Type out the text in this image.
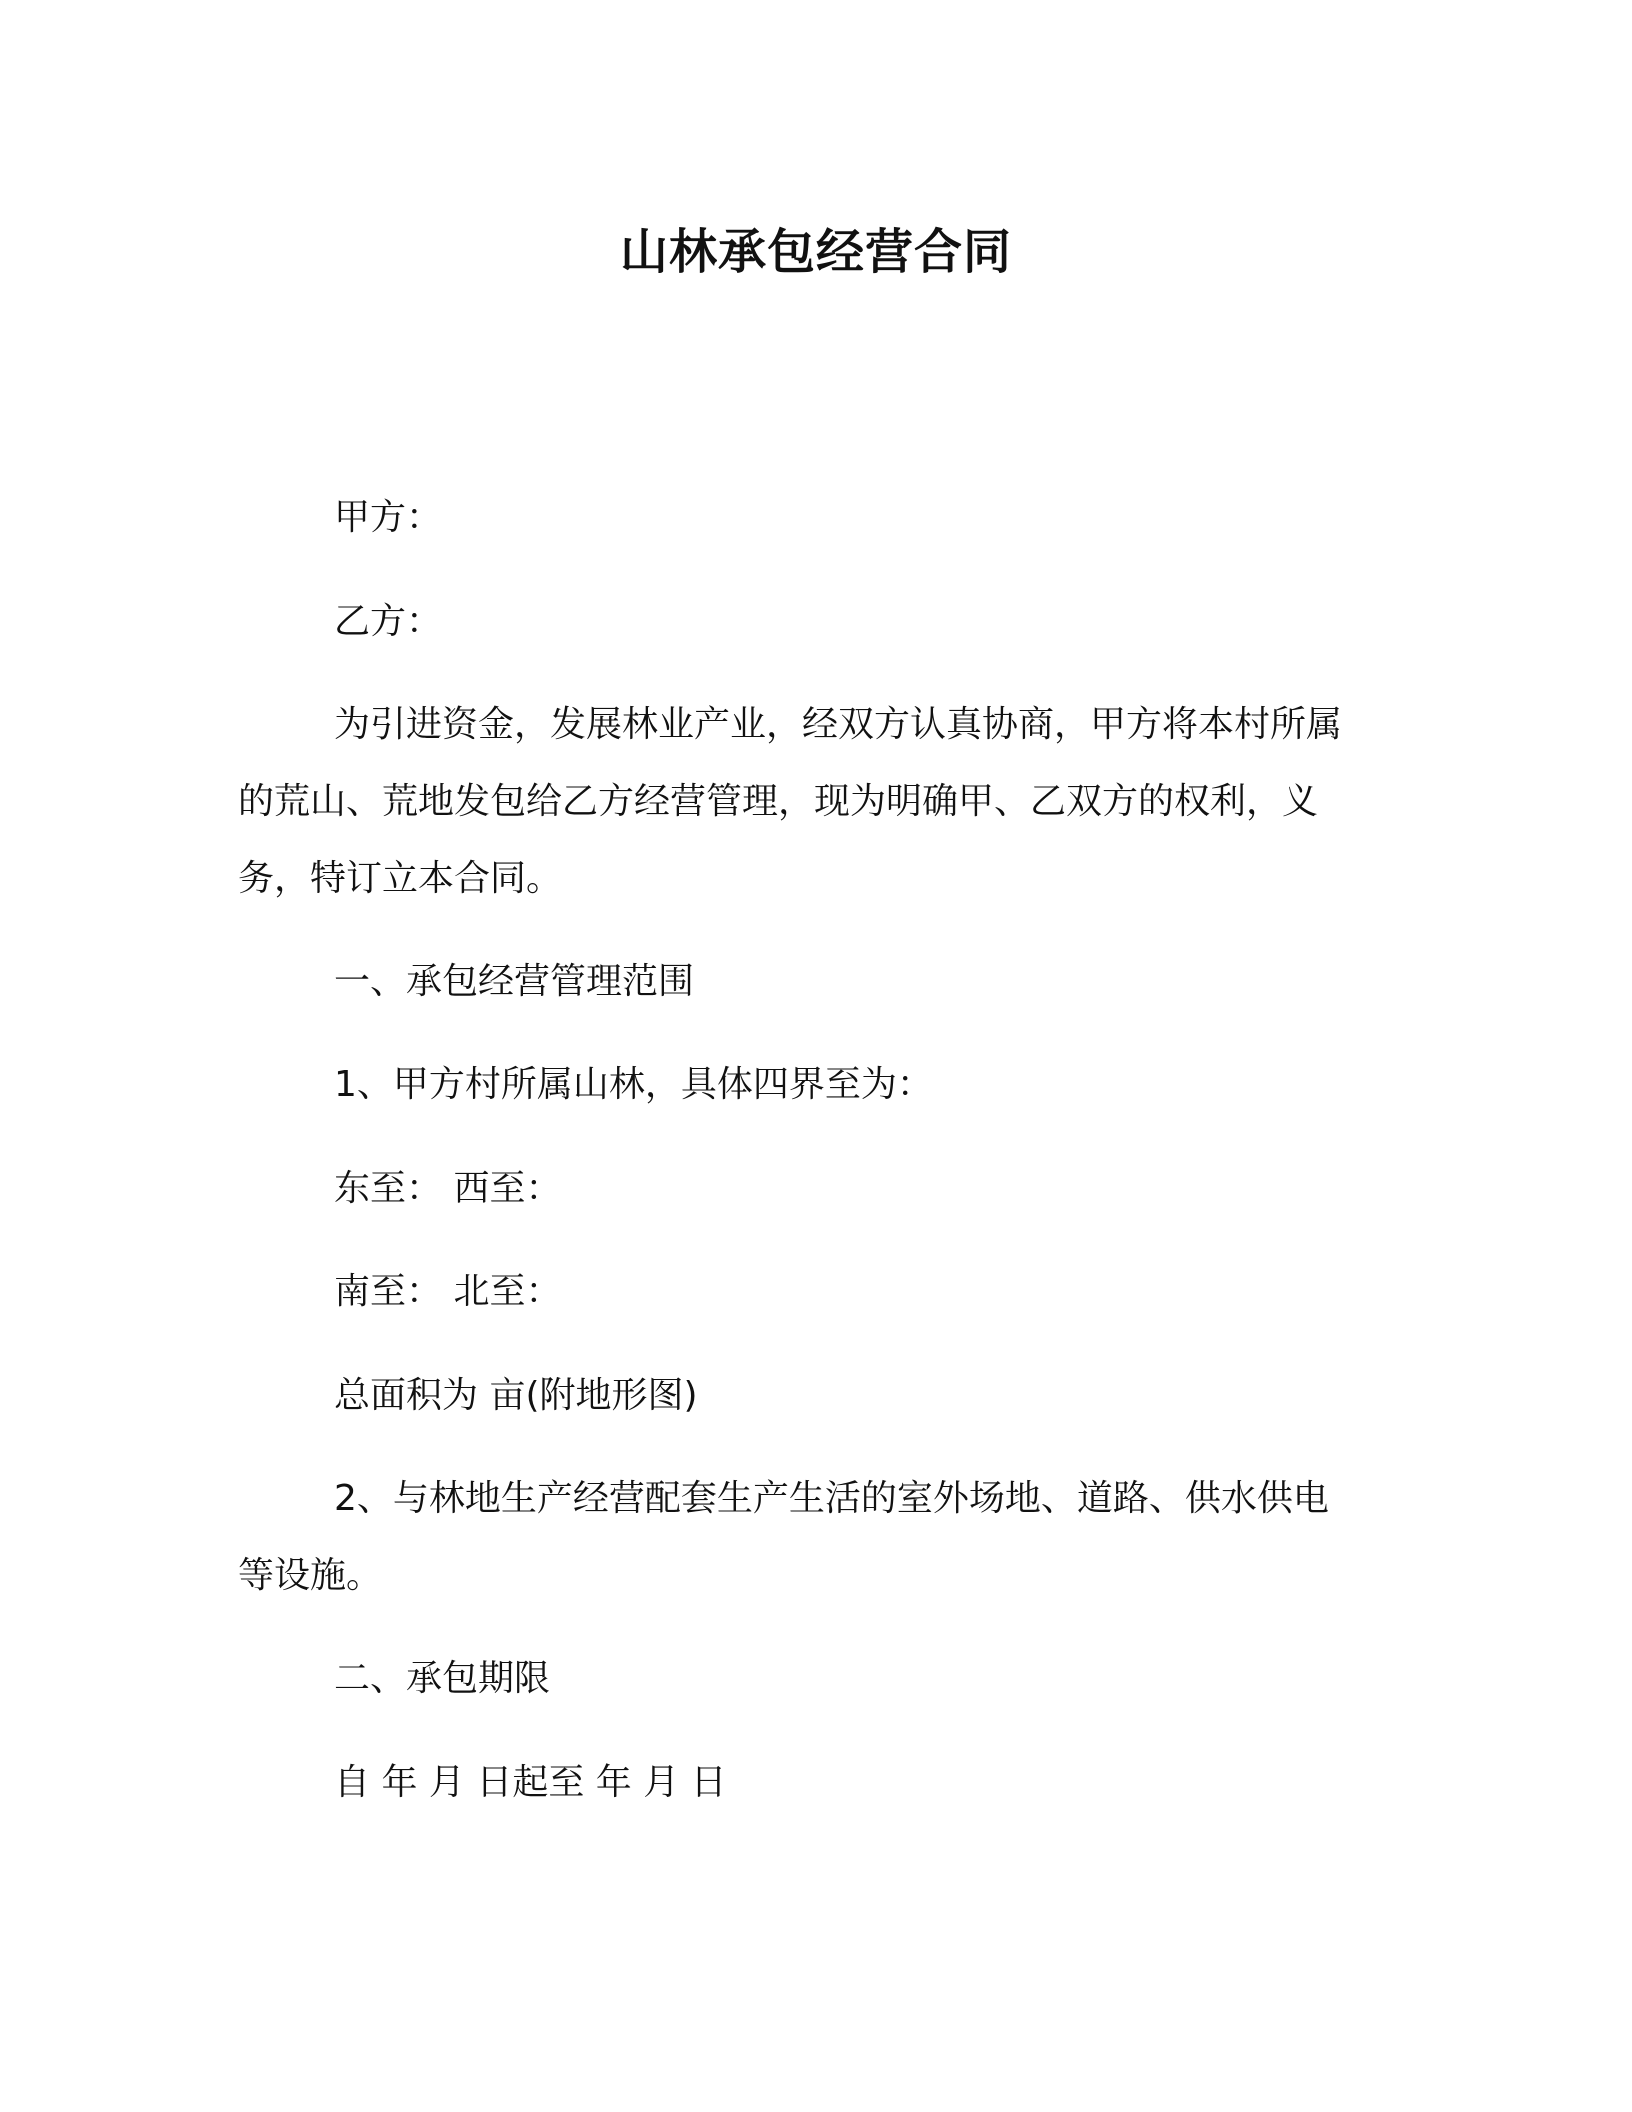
山林承包经营合同

甲方：

乙方：

为引进资金，发展林业产业，经双方认真协商，甲方将本村所属

的荒山、荒地发包给乙方经营管理，现为明确甲、乙双方的权利，义

务，特订立本合同。

一、承包经营管理范围

1、甲方村所属山林，具体四界至为：

东至： 西至：

南至： 北至：

总面积为 亩(附地形图)

2、与林地生产经营配套生产生活的室外场地、道路、供水供电

等设施。

二、承包期限

自 年 月 日起至 年 月 日
